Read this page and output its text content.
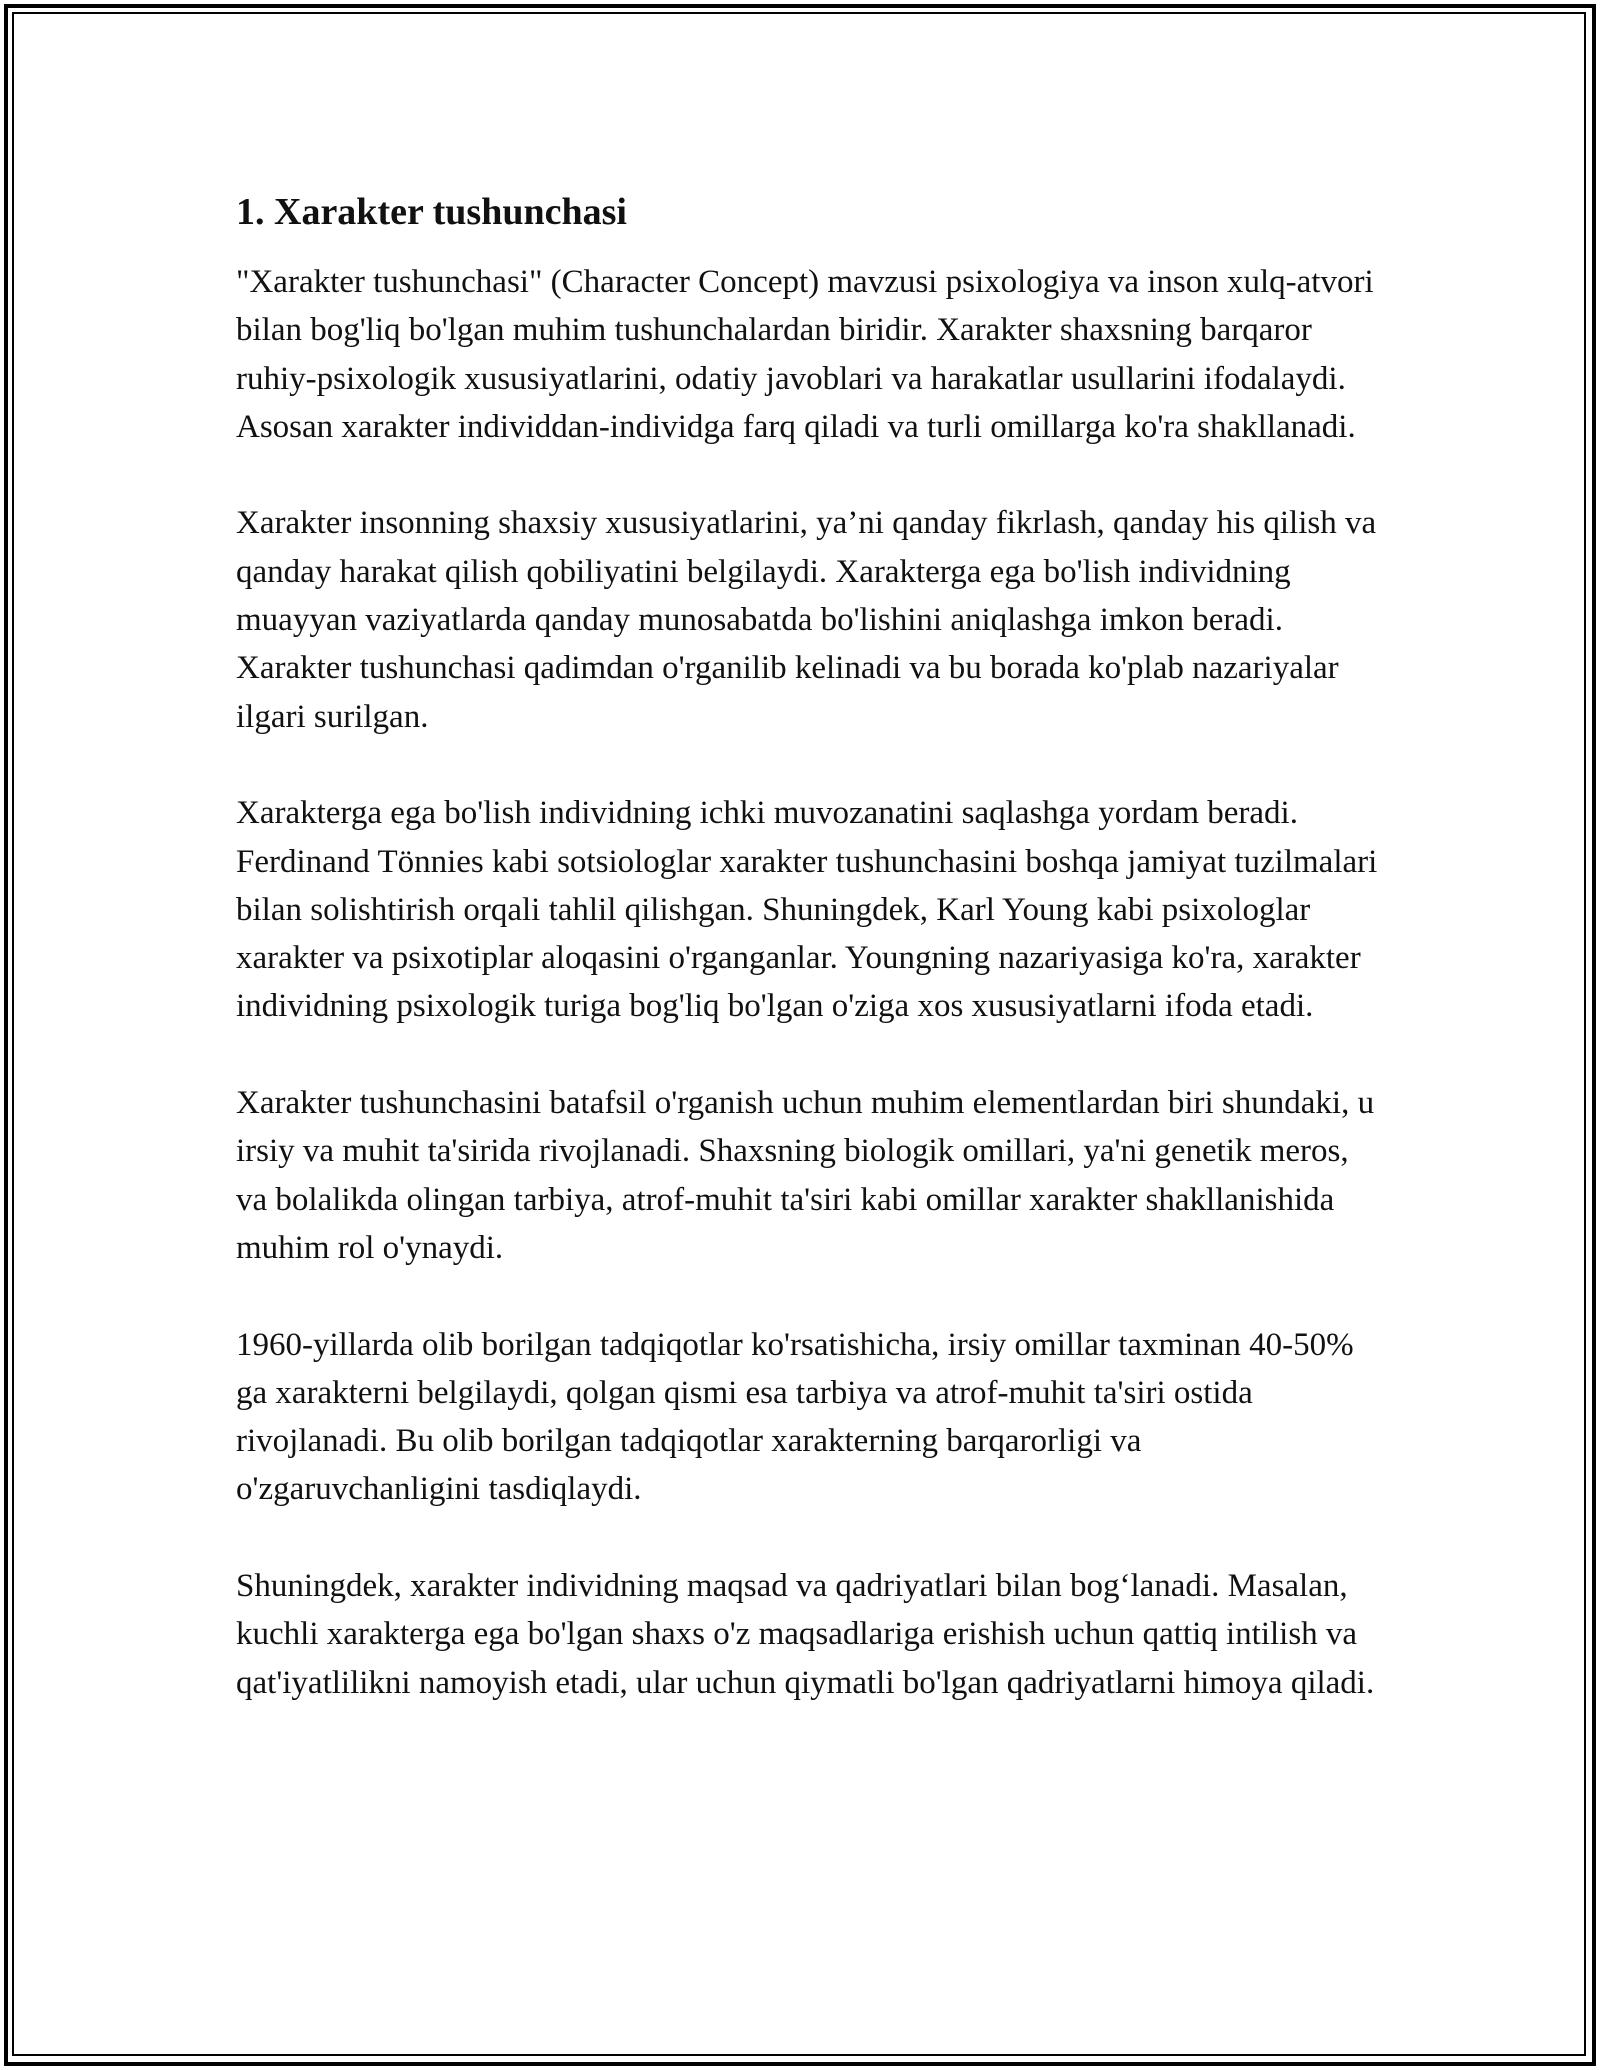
1. Xarakter tushunchasi

"Xarakter tushunchasi" (Character Concept) mavzusi psixologiya va inson xulq-atvori bilan bog'liq bo'lgan muhim tushunchalardan biridir. Xarakter shaxsning barqaror ruhiy-psixologik xususiyatlarini, odatiy javoblari va harakatlar usullarini ifodalaydi. Asosan xarakter individdan-individga farq qiladi va turli omillarga ko'ra shakllanadi.

Xarakter insonning shaxsiy xususiyatlarini, ya’ni qanday fikrlash, qanday his qilish va qanday harakat qilish qobiliyatini belgilaydi. Xarakterga ega bo'lish individning muayyan vaziyatlarda qanday munosabatda bo'lishini aniqlashga imkon beradi. Xarakter tushunchasi qadimdan o'rganilib kelinadi va bu borada ko'plab nazariyalar ilgari surilgan.

Xarakterga ega bo'lish individning ichki muvozanatini saqlashga yordam beradi. Ferdinand Tönnies kabi sotsiologlar xarakter tushunchasini boshqa jamiyat tuzilmalari bilan solishtirish orqali tahlil qilishgan. Shuningdek, Karl Young kabi psixologlar xarakter va psixotiplar aloqasini o'rganganlar. Youngning nazariyasiga ko'ra, xarakter individning psixologik turiga bog'liq bo'lgan o'ziga xos xususiyatlarni ifoda etadi.

Xarakter tushunchasini batafsil o'rganish uchun muhim elementlardan biri shundaki, u irsiy va muhit ta'sirida rivojlanadi. Shaxsning biologik omillari, ya'ni genetik meros, va bolalikda olingan tarbiya, atrof-muhit ta'siri kabi omillar xarakter shakllanishida muhim rol o'ynaydi.

1960-yillarda olib borilgan tadqiqotlar ko'rsatishicha, irsiy omillar taxminan 40-50% ga xarakterni belgilaydi, qolgan qismi esa tarbiya va atrof-muhit ta'siri ostida rivojlanadi. Bu olib borilgan tadqiqotlar xarakterning barqarorligi va o'zgaruvchanligini tasdiqlaydi.

Shuningdek, xarakter individning maqsad va qadriyatlari bilan bog‘lanadi. Masalan, kuchli xarakterga ega bo'lgan shaxs o'z maqsadlariga erishish uchun qattiq intilish va qat'iyatlilikni namoyish etadi, ular uchun qiymatli bo'lgan qadriyatlarni himoya qiladi.
